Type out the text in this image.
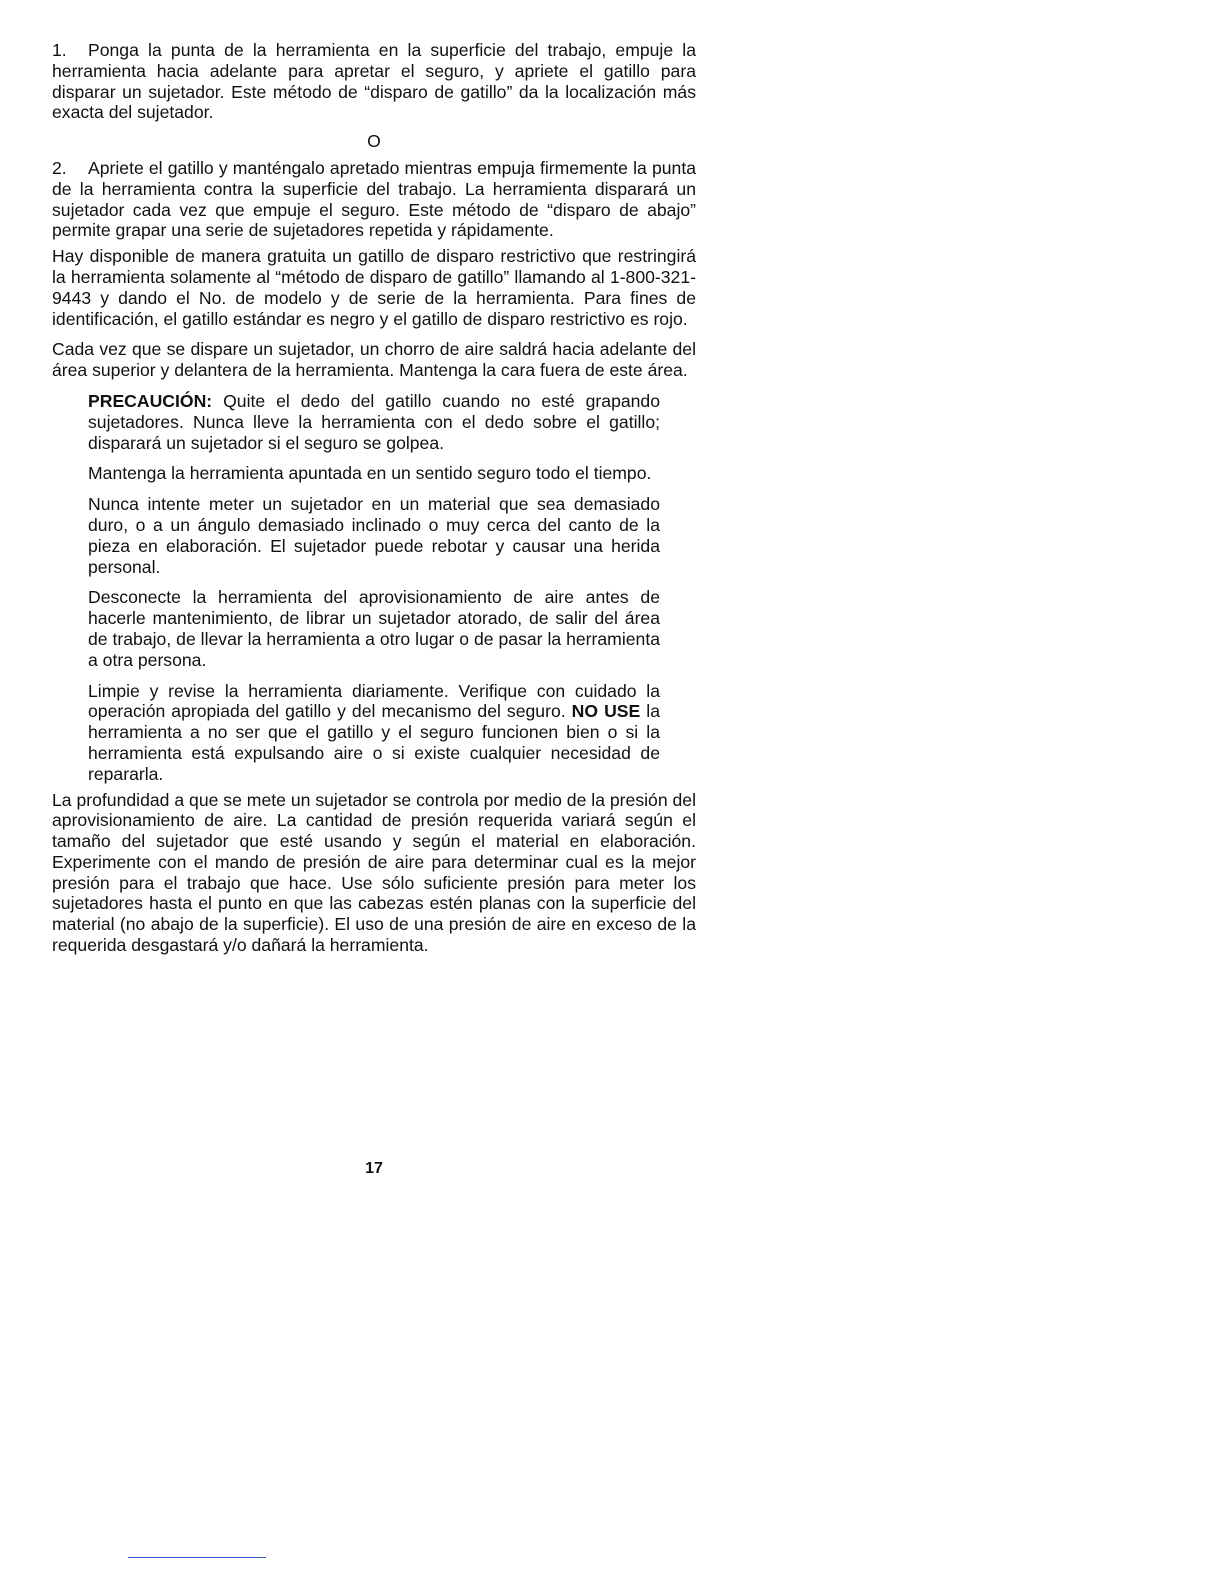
1. Ponga la punta de la herramienta en la superficie del trabajo, empuje la herramienta hacia adelante para apretar el seguro, y apriete el gatillo para disparar un sujetador. Este método de “disparo de gatillo” da la localización más exacta del sujetador.

O

2. Apriete el gatillo y manténgalo apretado mientras empuja firmemente la punta de la herramienta contra la superficie del trabajo. La herramienta disparará un sujetador cada vez que empuje el seguro. Este método de “disparo de abajo” permite grapar una serie de sujetadores repetida y rápidamente.

Hay disponible de manera gratuita un gatillo de disparo restrictivo que restringirá la herramienta solamente al “método de disparo de gatillo” llamando al 1-800-321-9443 y dando el No. de modelo y de serie de la herramienta. Para fines de identificación, el gatillo estándar es negro y el gatillo de disparo restrictivo es rojo.

Cada vez que se dispare un sujetador, un chorro de aire saldrá hacia adelante del área superior y delantera de la herramienta. Mantenga la cara fuera de este área.

PRECAUCIÓN: Quite el dedo del gatillo cuando no esté grapando sujetadores. Nunca lleve la herramienta con el dedo sobre el gatillo; disparará un sujetador si el seguro se golpea.

Mantenga la herramienta apuntada en un sentido seguro todo el tiempo.

Nunca intente meter un sujetador en un material que sea demasiado duro, o a un ángulo demasiado inclinado o muy cerca del canto de la pieza en elaboración. El sujetador puede rebotar y causar una herida personal.

Desconecte la herramienta del aprovisionamiento de aire antes de hacerle mantenimiento, de librar un sujetador atorado, de salir del área de trabajo, de llevar la herramienta a otro lugar o de pasar la herramienta a otra persona.

Limpie y revise la herramienta diariamente. Verifique con cuidado la operación apropiada del gatillo y del mecanismo del seguro. NO USE la herramienta a no ser que el gatillo y el seguro funcionen bien o si la herramienta está expulsando aire o si existe cualquier necesidad de repararla.

La profundidad a que se mete un sujetador se controla por medio de la presión del aprovisionamiento de aire. La cantidad de presión requerida variará según el tamaño del sujetador que esté usando y según el material en elaboración. Experimente con el mando de presión de aire para determinar cual es la mejor presión para el trabajo que hace. Use sólo suficiente presión para meter los sujetadores hasta el punto en que las cabezas estén planas con la superficie del material (no abajo de la superficie). El uso de una presión de aire en exceso de la requerida desgastará y/o dañará la herramienta.

17
